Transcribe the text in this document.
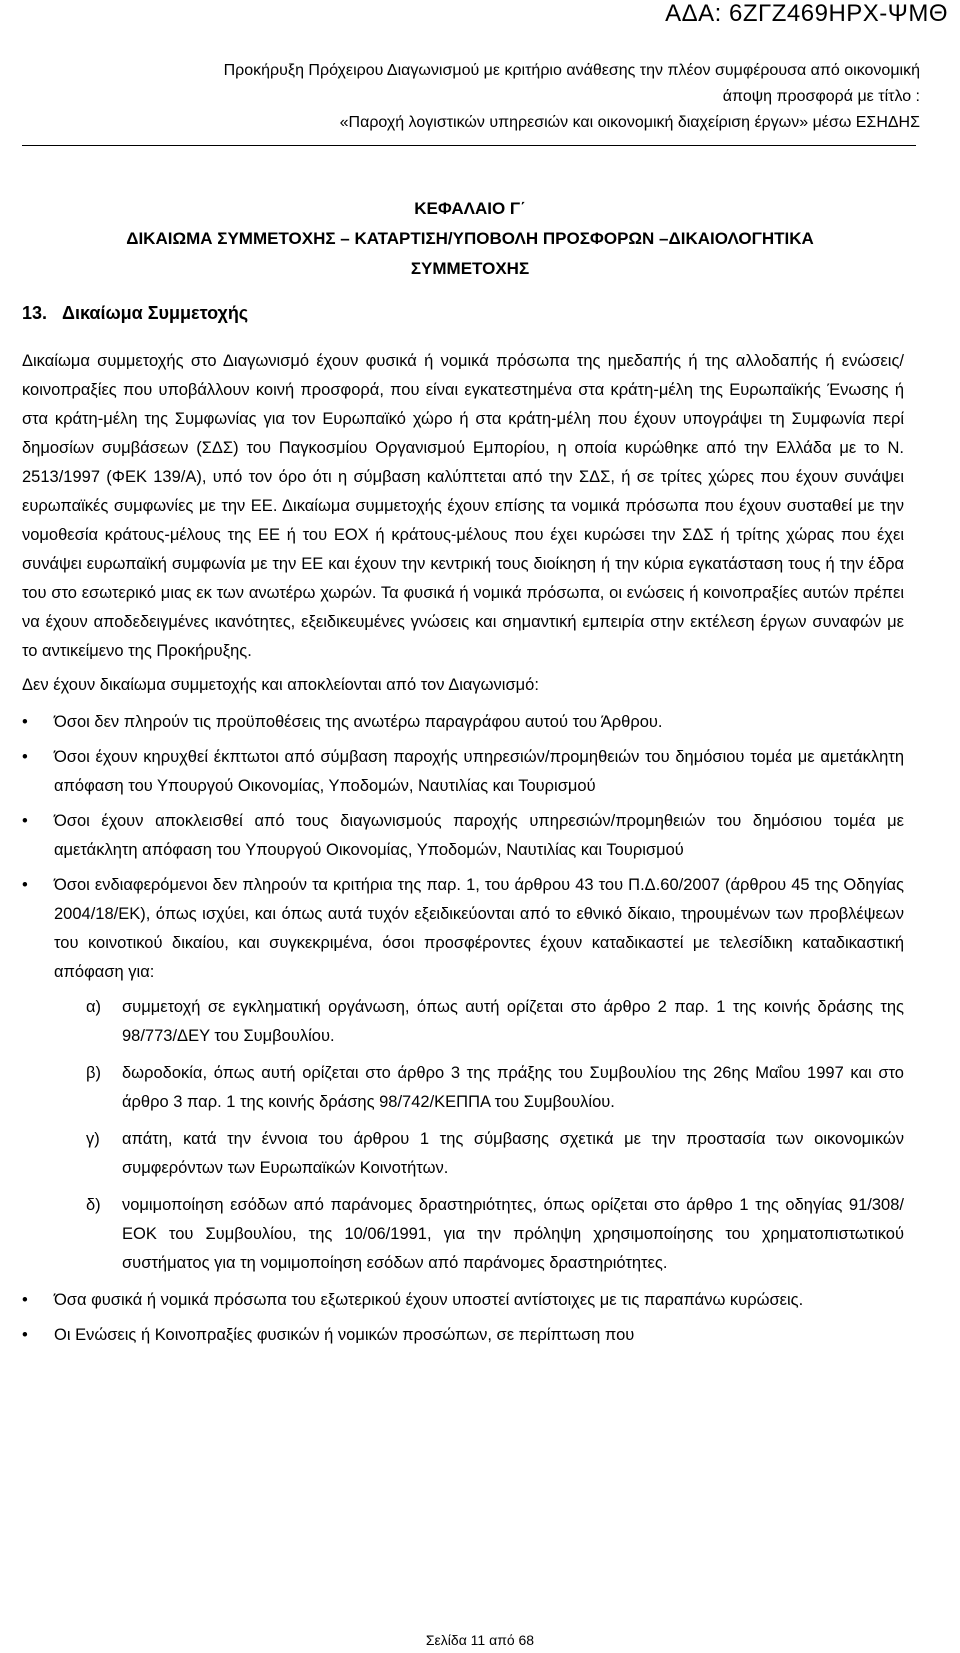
ΑΔΑ: 6ΖΓΖ469ΗΡΧ-ΨΜΘ
Προκήρυξη Πρόχειρου Διαγωνισμού με κριτήριο ανάθεσης την πλέον συμφέρουσα από οικονομική
άποψη προσφορά με τίτλο :
«Παροχή λογιστικών υπηρεσιών και οικονομική διαχείριση έργων» μέσω ΕΣΗΔΗΣ
ΚΕΦΑΛΑΙΟ Γ΄
ΔΙΚΑΙΩΜΑ ΣΥΜΜΕΤΟΧΗΣ – ΚΑΤΑΡΤΙΣΗ/ΥΠΟΒΟΛΗ ΠΡΟΣΦΟΡΩΝ –ΔΙΚΑΙΟΛΟΓΗΤΙΚΑ
ΣΥΜΜΕΤΟΧΗΣ
13. Δικαίωμα Συμμετοχής

Δικαίωμα συμμετοχής στο Διαγωνισμό έχουν φυσικά ή νομικά πρόσωπα της ημεδαπής ή της αλλοδαπής ή ενώσεις/κοινοπραξίες που υποβάλλουν κοινή προσφορά, που είναι εγκατεστημένα στα κράτη-μέλη της Ευρωπαϊκής Ένωσης ή στα κράτη-μέλη της Συμφωνίας για τον Ευρωπαϊκό χώρο ή στα κράτη-μέλη που έχουν υπογράψει τη Συμφωνία περί δημοσίων συμβάσεων (ΣΔΣ) του Παγκοσμίου Οργανισμού Εμπορίου, η οποία κυρώθηκε από την Ελλάδα με το Ν. 2513/1997 (ΦΕΚ 139/Α), υπό τον όρο ότι η σύμβαση καλύπτεται από την ΣΔΣ, ή σε τρίτες χώρες που έχουν συνάψει ευρωπαϊκές συμφωνίες με την ΕΕ. Δικαίωμα συμμετοχής έχουν επίσης τα νομικά πρόσωπα που έχουν συσταθεί με την νομοθεσία κράτους-μέλους της ΕΕ ή του ΕΟΧ ή κράτους-μέλους που έχει κυρώσει την ΣΔΣ ή τρίτης χώρας που έχει συνάψει ευρωπαϊκή συμφωνία με την ΕΕ και έχουν την κεντρική τους διοίκηση ή την κύρια εγκατάσταση τους ή την έδρα του στο εσωτερικό μιας εκ των ανωτέρω χωρών. Τα φυσικά ή νομικά πρόσωπα, οι ενώσεις ή κοινοπραξίες αυτών πρέπει να έχουν αποδεδειγμένες ικανότητες, εξειδικευμένες γνώσεις και σημαντική εμπειρία στην εκτέλεση έργων συναφών με το αντικείμενο της Προκήρυξης.

Δεν έχουν δικαίωμα συμμετοχής και αποκλείονται από τον Διαγωνισμό:

• Όσοι δεν πληρούν τις προϋποθέσεις της ανωτέρω παραγράφου αυτού του Άρθρου.
• Όσοι έχουν κηρυχθεί έκπτωτοι από σύμβαση παροχής υπηρεσιών/προμηθειών του δημόσιου τομέα με αμετάκλητη απόφαση του Υπουργού Οικονομίας, Υποδομών, Ναυτιλίας και Τουρισμού
• Όσοι έχουν αποκλεισθεί από τους διαγωνισμούς παροχής υπηρεσιών/προμηθειών του δημόσιου τομέα με αμετάκλητη απόφαση του Υπουργού Οικονομίας, Υποδομών, Ναυτιλίας και Τουρισμού
• Όσοι ενδιαφερόμενοι δεν πληρούν τα κριτήρια της παρ. 1, του άρθρου 43 του Π.Δ.60/2007 (άρθρου 45 της Οδηγίας 2004/18/ΕΚ), όπως ισχύει, και όπως αυτά τυχόν εξειδικεύονται από το εθνικό δίκαιο, τηρουμένων των προβλέψεων του κοινοτικού δικαίου, και συγκεκριμένα, όσοι προσφέροντες έχουν καταδικαστεί με τελεσίδικη καταδικαστική απόφαση για:
α) συμμετοχή σε εγκληματική οργάνωση, όπως αυτή ορίζεται στο άρθρο 2 παρ. 1 της κοινής δράσης της 98/773/ΔΕΥ του Συμβουλίου.
β) δωροδοκία, όπως αυτή ορίζεται στο άρθρο 3 της πράξης του Συμβουλίου της 26ης Μαΐου 1997 και στο άρθρο 3 παρ. 1 της κοινής δράσης 98/742/ΚΕΠΠΑ του Συμβουλίου.
γ) απάτη, κατά την έννοια του άρθρου 1 της σύμβασης σχετικά με την προστασία των οικονομικών συμφερόντων των Ευρωπαϊκών Κοινοτήτων.
δ) νομιμοποίηση εσόδων από παράνομες δραστηριότητες, όπως ορίζεται στο άρθρο 1 της οδηγίας 91/308/ΕΟΚ του Συμβουλίου, της 10/06/1991, για την πρόληψη χρησιμοποίησης του χρηματοπιστωτικού συστήματος για τη νομιμοποίηση εσόδων από παράνομες δραστηριότητες.
• Όσα φυσικά ή νομικά πρόσωπα του εξωτερικού έχουν υποστεί αντίστοιχες με τις παραπάνω κυρώσεις.
• Οι Ενώσεις ή Κοινοπραξίες φυσικών ή νομικών προσώπων, σε περίπτωση που
Σελίδα 11 από 68
